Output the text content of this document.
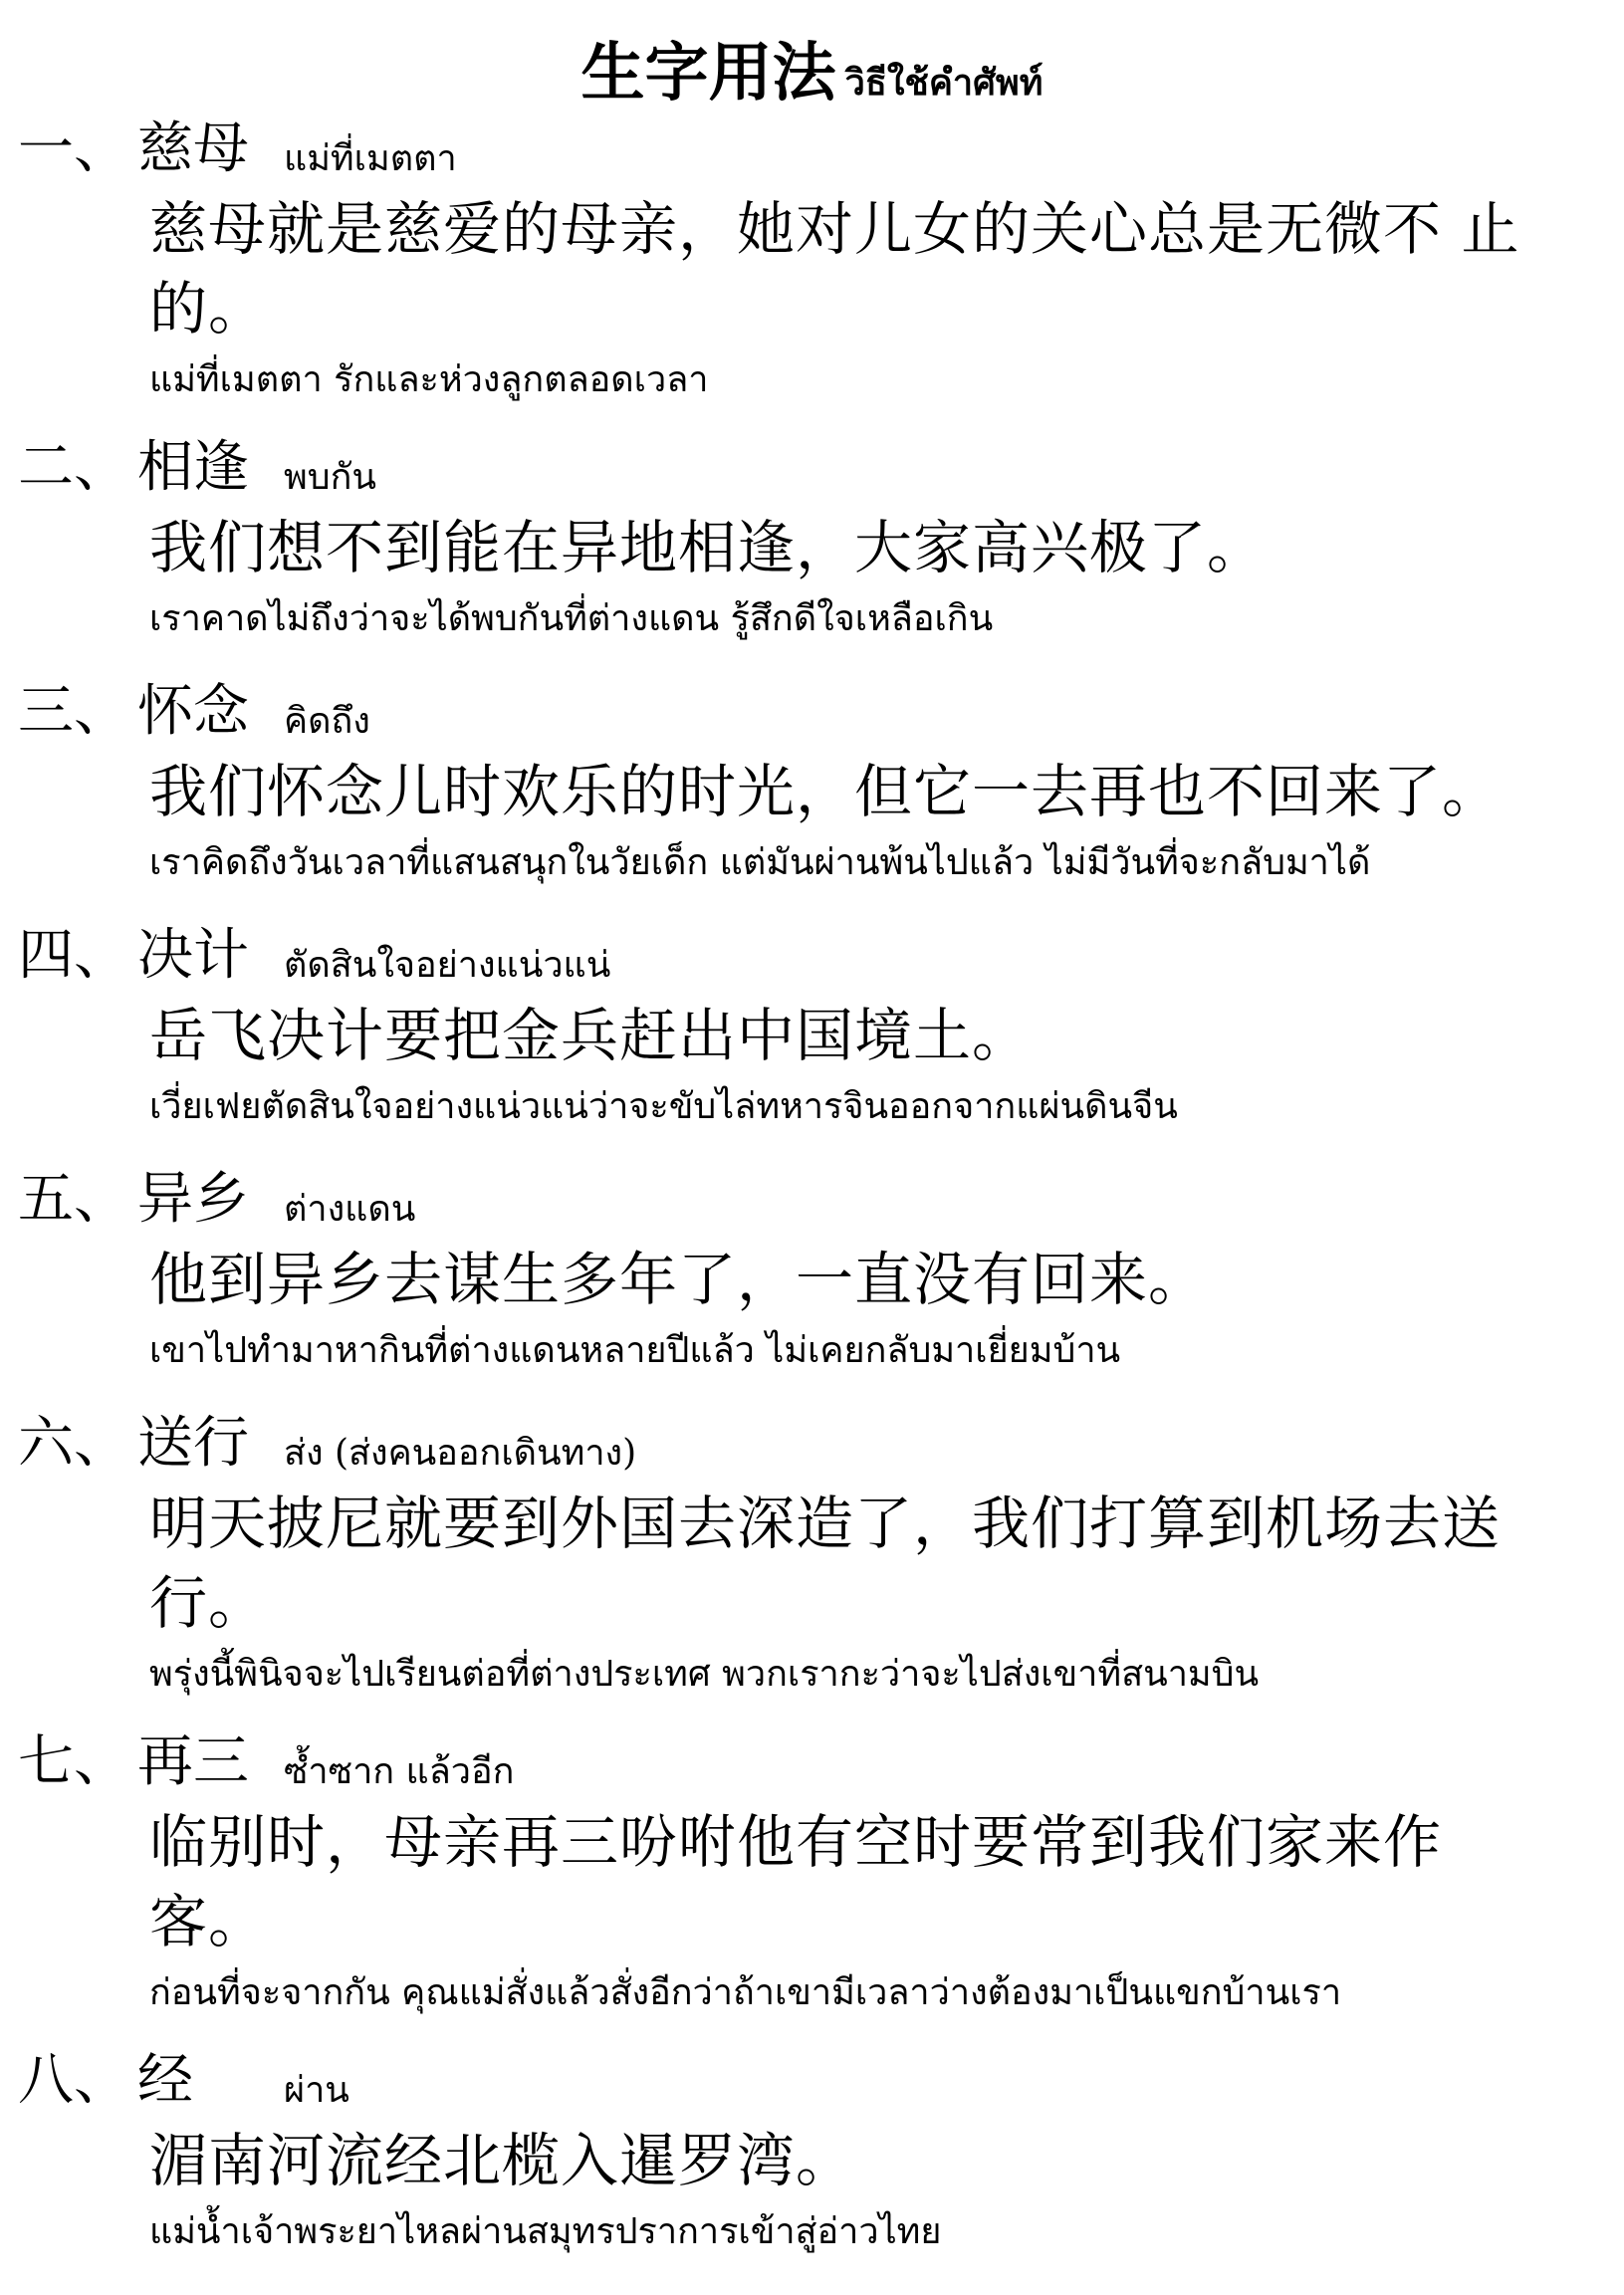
生字用法 วิธีใช้คำศัพท์
一、 慈母 แม่ที่เมตตา
慈母就是慈爱的母亲，她对儿女的关心总是无微不 止的。
แม่ที่เมตตา รักและห่วงลูกตลอดเวลา
二、 相逢 พบกัน
我们想不到能在异地相逢，大家高兴极了。
เราคาดไม่ถึงว่าจะได้พบกันที่ต่างแดน รู้สึกดีใจเหลือเกิน
三、 怀念 คิดถึง
我们怀念儿时欢乐的时光，但它一去再也不回来了。
เราคิดถึงวันเวลาที่แสนสนุกในวัยเด็ก แต่มันผ่านพ้นไปแล้ว ไม่มีวันที่จะกลับมาได้
四、 决计 ตัดสินใจอย่างแน่วแน่
岳飞决计要把金兵赶出中国境土。
เวี่ยเฟยตัดสินใจอย่างแน่วแน่ว่าจะขับไล่ทหารจินออกจากแผ่นดินจีน
五、 异乡 ต่างแดน
他到异乡去谋生多年了，一直没有回来。
เขาไปทำมาหากินที่ต่างแดนหลายปีแล้ว ไม่เคยกลับมาเยี่ยมบ้าน
六、 送行 ส่ง (ส่งคนออกเดินทาง)
明天披尼就要到外国去深造了，我们打算到机场去送行。
พรุ่งนี้พินิจจะไปเรียนต่อที่ต่างประเทศ พวกเรากะว่าจะไปส่งเขาที่สนามบิน
七、 再三 ซ้ำซาก แล้วอีก
临别时，母亲再三吩咐他有空时要常到我们家来作客。
ก่อนที่จะจากกัน คุณแม่สั่งแล้วสั่งอีกว่าถ้าเขามีเวลาว่างต้องมาเป็นแขกบ้านเรา
八、 经	ผ่าน
湄南河流经北榄入暹罗湾。
แม่น้ำเจ้าพระยาไหลผ่านสมุทรปราการเข้าสู่อ่าวไทย
